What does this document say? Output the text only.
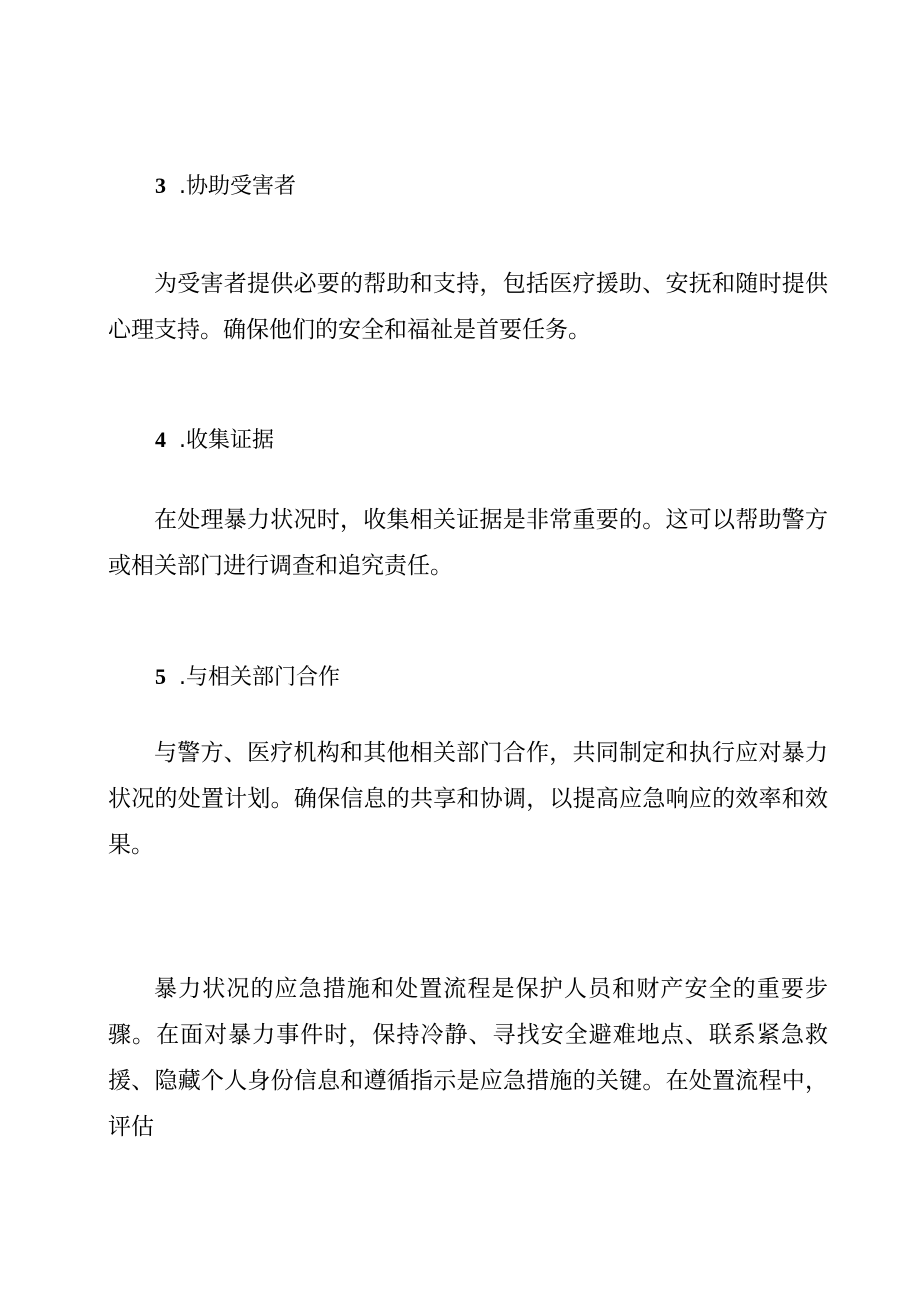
3 .协助受害者

为受害者提供必要的帮助和支持，包括医疗援助、安抚和随时提供心理支持。确保他们的安全和福祉是首要任务。

4 .收集证据

在处理暴力状况时，收集相关证据是非常重要的。这可以帮助警方或相关部门进行调查和追究责任。

5 .与相关部门合作

与警方、医疗机构和其他相关部门合作，共同制定和执行应对暴力状况的处置计划。确保信息的共享和协调，以提高应急响应的效率和效果。

暴力状况的应急措施和处置流程是保护人员和财产安全的重要步骤。在面对暴力事件时，保持冷静、寻找安全避难地点、联系紧急救援、隐藏个人身份信息和遵循指示是应急措施的关键。在处置流程中，评估
